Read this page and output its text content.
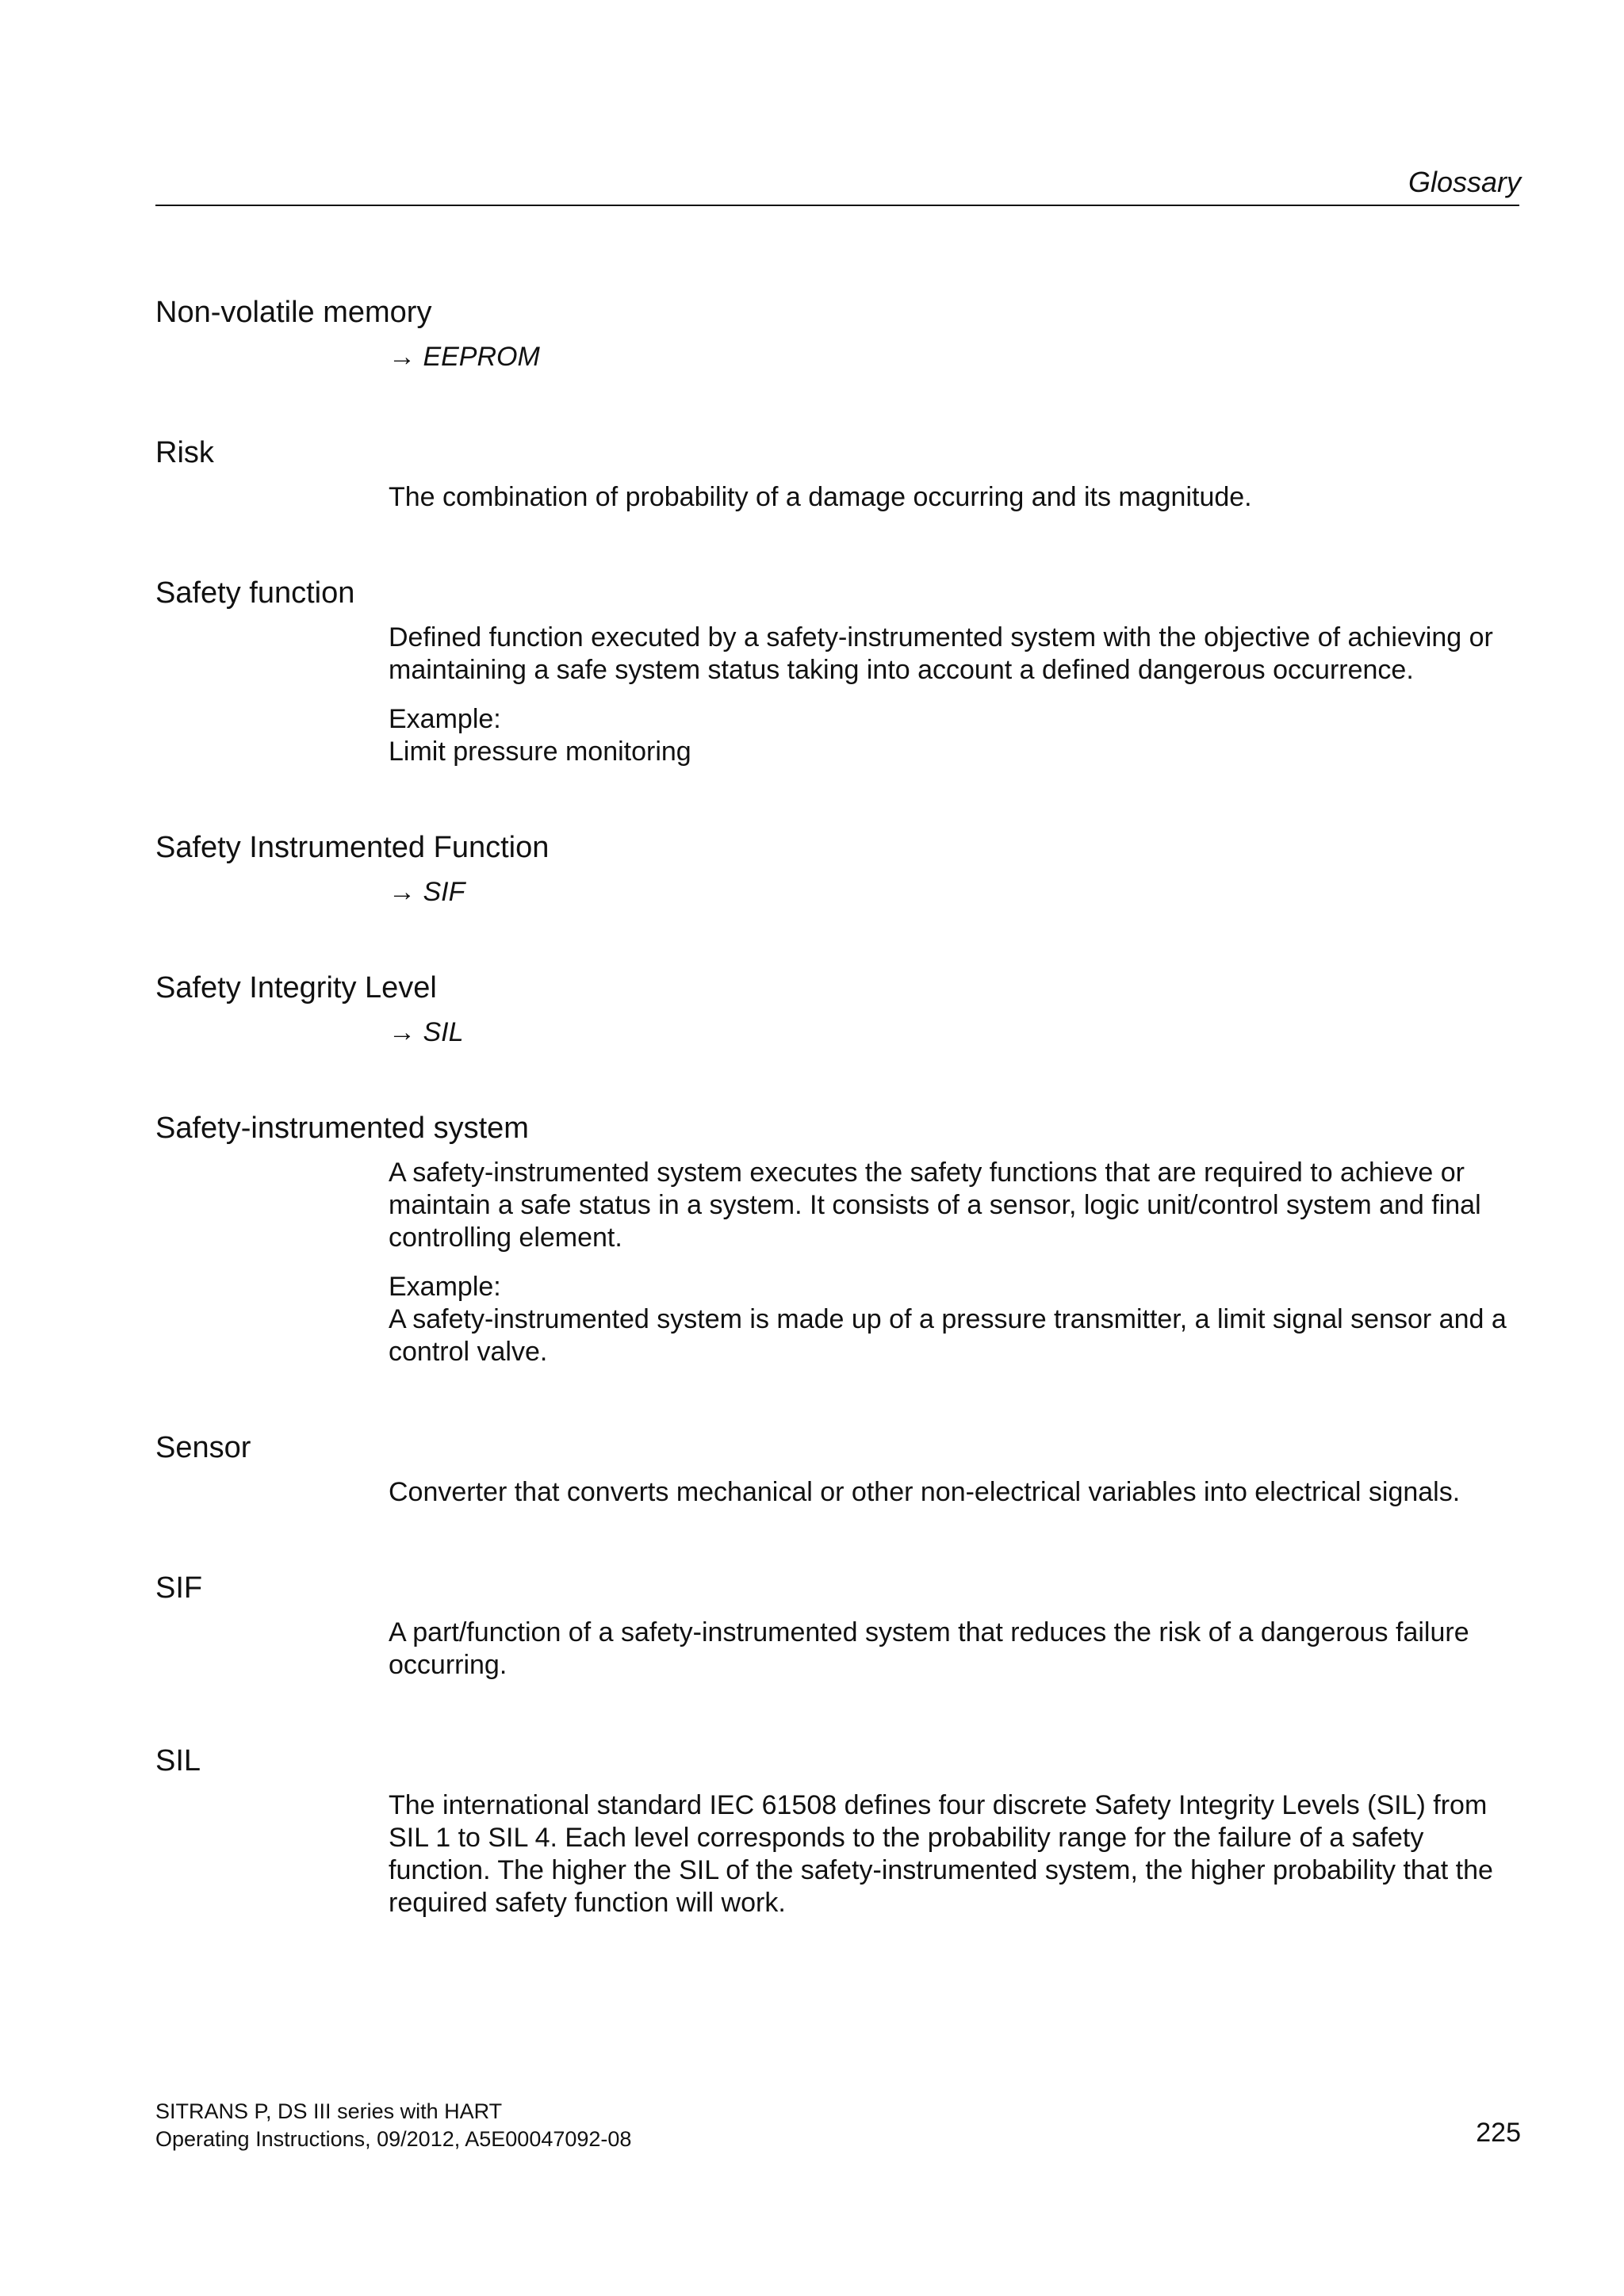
Glossary
Non-volatile memory
→ EEPROM
Risk

The combination of probability of a damage occurring and its magnitude.

Safety function

Defined function executed by a safety-instrumented system with the objective of achieving or maintaining a safe system status taking into account a defined dangerous occurrence.

Example:
Limit pressure monitoring

Safety Instrumented Function
→ SIF
Safety Integrity Level
→ SIL
Safety-instrumented system

A safety-instrumented system executes the safety functions that are required to achieve or maintain a safe status in a system. It consists of a sensor, logic unit/control system and final controlling element.

Example:
A safety-instrumented system is made up of a pressure transmitter, a limit signal sensor and a control valve.

Sensor

Converter that converts mechanical or other non-electrical variables into electrical signals.

SIF

A part/function of a safety-instrumented system that reduces the risk of a dangerous failure occurring.

SIL

The international standard IEC 61508 defines four discrete Safety Integrity Levels (SIL) from SIL 1 to SIL 4. Each level corresponds to the probability range for the failure of a safety function. The higher the SIL of the safety-instrumented system, the higher probability that the required safety function will work.

SITRANS P, DS III series with HART
Operating Instructions, 09/2012, A5E00047092-08	225
